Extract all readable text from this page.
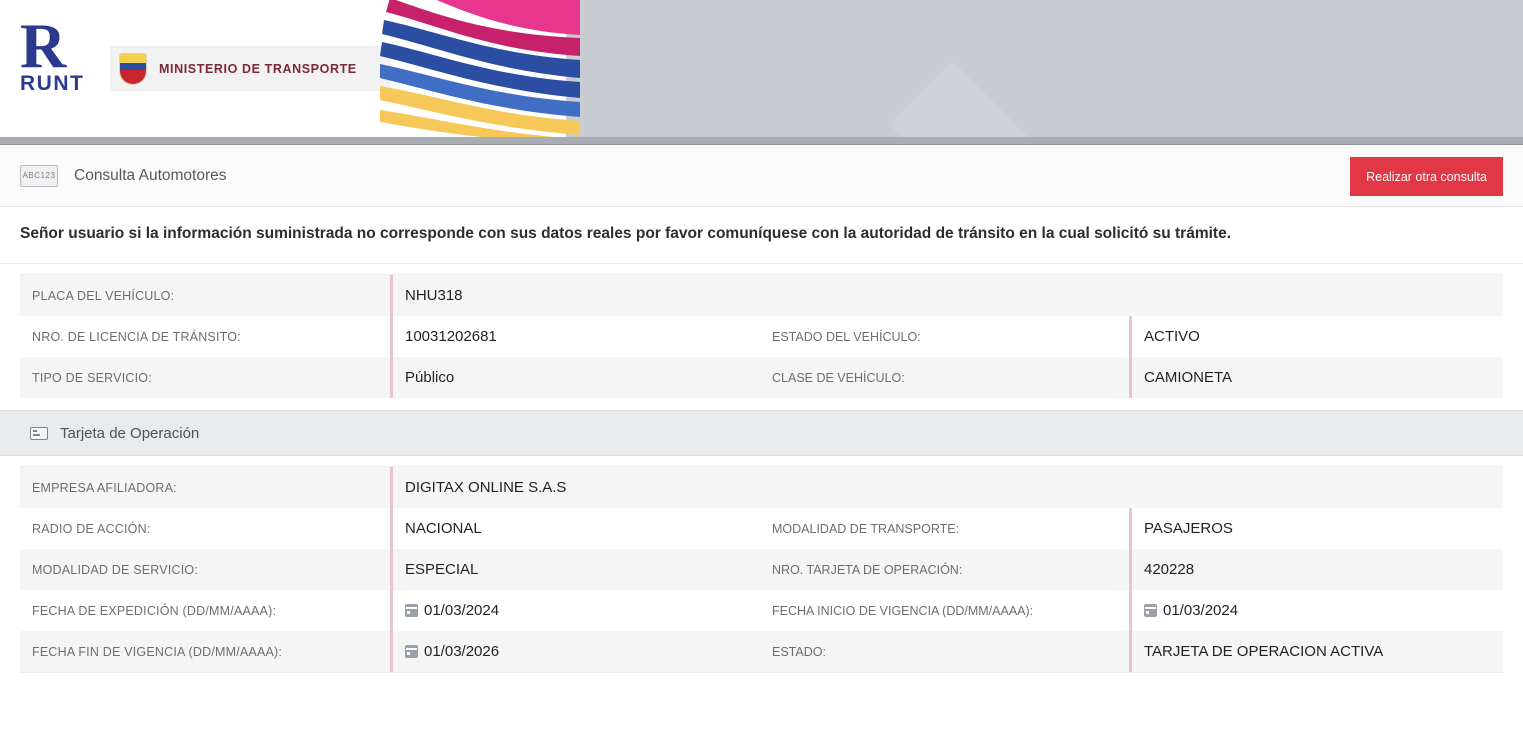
R
RUNT
MINISTERIO DE TRANSPORTE
ABC123 Consulta Automotores	Realizar otra consulta
Señor usuario si la información suministrada no corresponde con sus datos reales por favor comuníquese con la autoridad de tránsito en la cual solicitó su trámite.
PLACA DEL VEHÍCULO:	NHU318
NRO. DE LICENCIA DE TRÁNSITO:	10031202681	ESTADO DEL VEHÍCULO:	ACTIVO
TIPO DE SERVICIO:	Público	CLASE DE VEHÍCULO:	CAMIONETA
Tarjeta de Operación
EMPRESA AFILIADORA:	DIGITAX ONLINE S.A.S
RADIO DE ACCIÓN:	NACIONAL	MODALIDAD DE TRANSPORTE:	PASAJEROS
MODALIDAD DE SERVICIO:	ESPECIAL	NRO. TARJETA DE OPERACIÓN:	420228
FECHA DE EXPEDICIÓN (DD/MM/AAAA):	01/03/2024	FECHA INICIO DE VIGENCIA (DD/MM/AAAA):	01/03/2024
FECHA FIN DE VIGENCIA (DD/MM/AAAA):	01/03/2026	ESTADO:	TARJETA DE OPERACION ACTIVA
